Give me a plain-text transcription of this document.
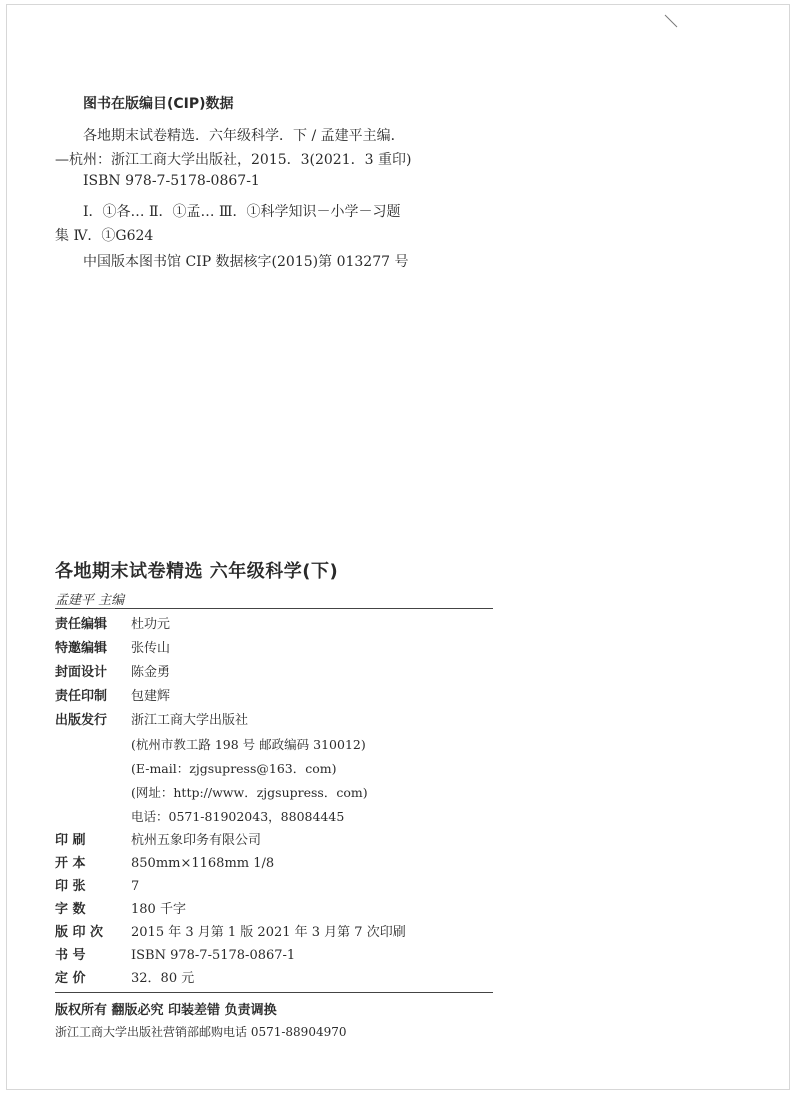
图书在版编目(CIP)数据
各地期末试卷精选．六年级科学．下 / 孟建平主编．
—杭州：浙江工商大学出版社，2015．3(2021．3 重印)
ISBN 978-7-5178-0867-1
Ⅰ．①各… Ⅱ．①孟… Ⅲ．①科学知识－小学－习题
集 Ⅳ．①G624
中国版本图书馆 CIP 数据核字(2015)第 013277 号
各地期末试卷精选 六年级科学(下)
孟建平 主编
责任编辑 杜功元
特邀编辑 张传山
封面设计 陈金勇
责任印制 包建辉
出版发行 浙江工商大学出版社
(杭州市教工路 198 号 邮政编码 310012)
(E-mail：zjgsupress@163．com)
(网址：http://www．zjgsupress．com)
电话：0571-81902043，88084445
印 刷	杭州五象印务有限公司
开 本	850mm×1168mm 1/8
印 张	7
字 数	180 千字
版 印 次 2015 年 3 月第 1 版 2021 年 3 月第 7 次印刷
书 号	ISBN 978-7-5178-0867-1
定 价	32．80 元
版权所有 翻版必究 印装差错 负责调换
浙江工商大学出版社营销部邮购电话 0571-88904970
